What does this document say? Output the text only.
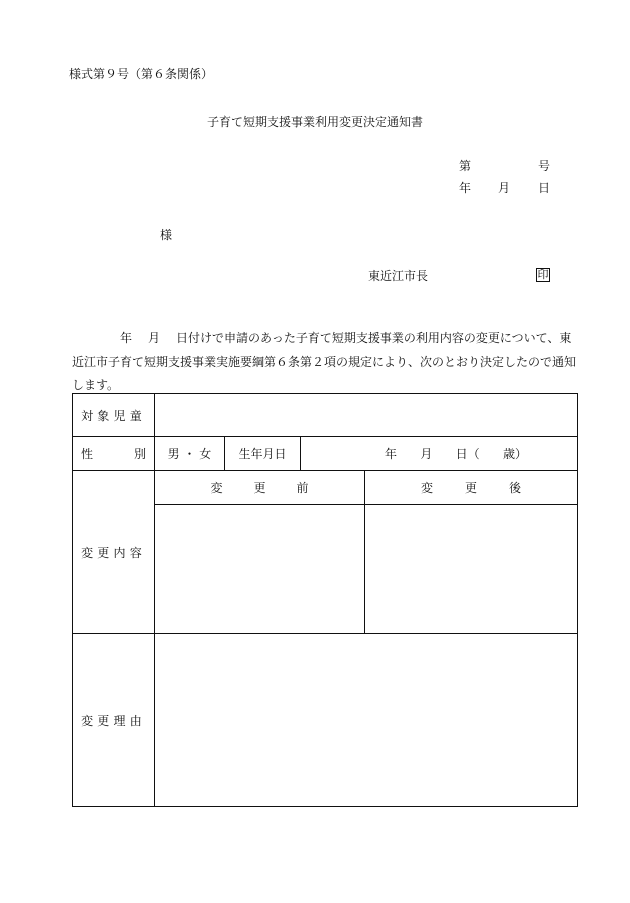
様式第９号（第６条関係）
子育て短期支援事業利用変更決定通知書
第	号
年 月 日
様
東近江市長	印
年 月 日付けで申請のあった子育て短期支援事業の利用内容の変更について、東近江市子育て短期支援事業実施要綱第６条第２項の規定により、次のとおり決定したので通知します。
対象児童				

性 別	男 ・ 女	生年月日	年 月 日（ 歳）	

変更内容	変 更 前			変 更 後

変更理由				
